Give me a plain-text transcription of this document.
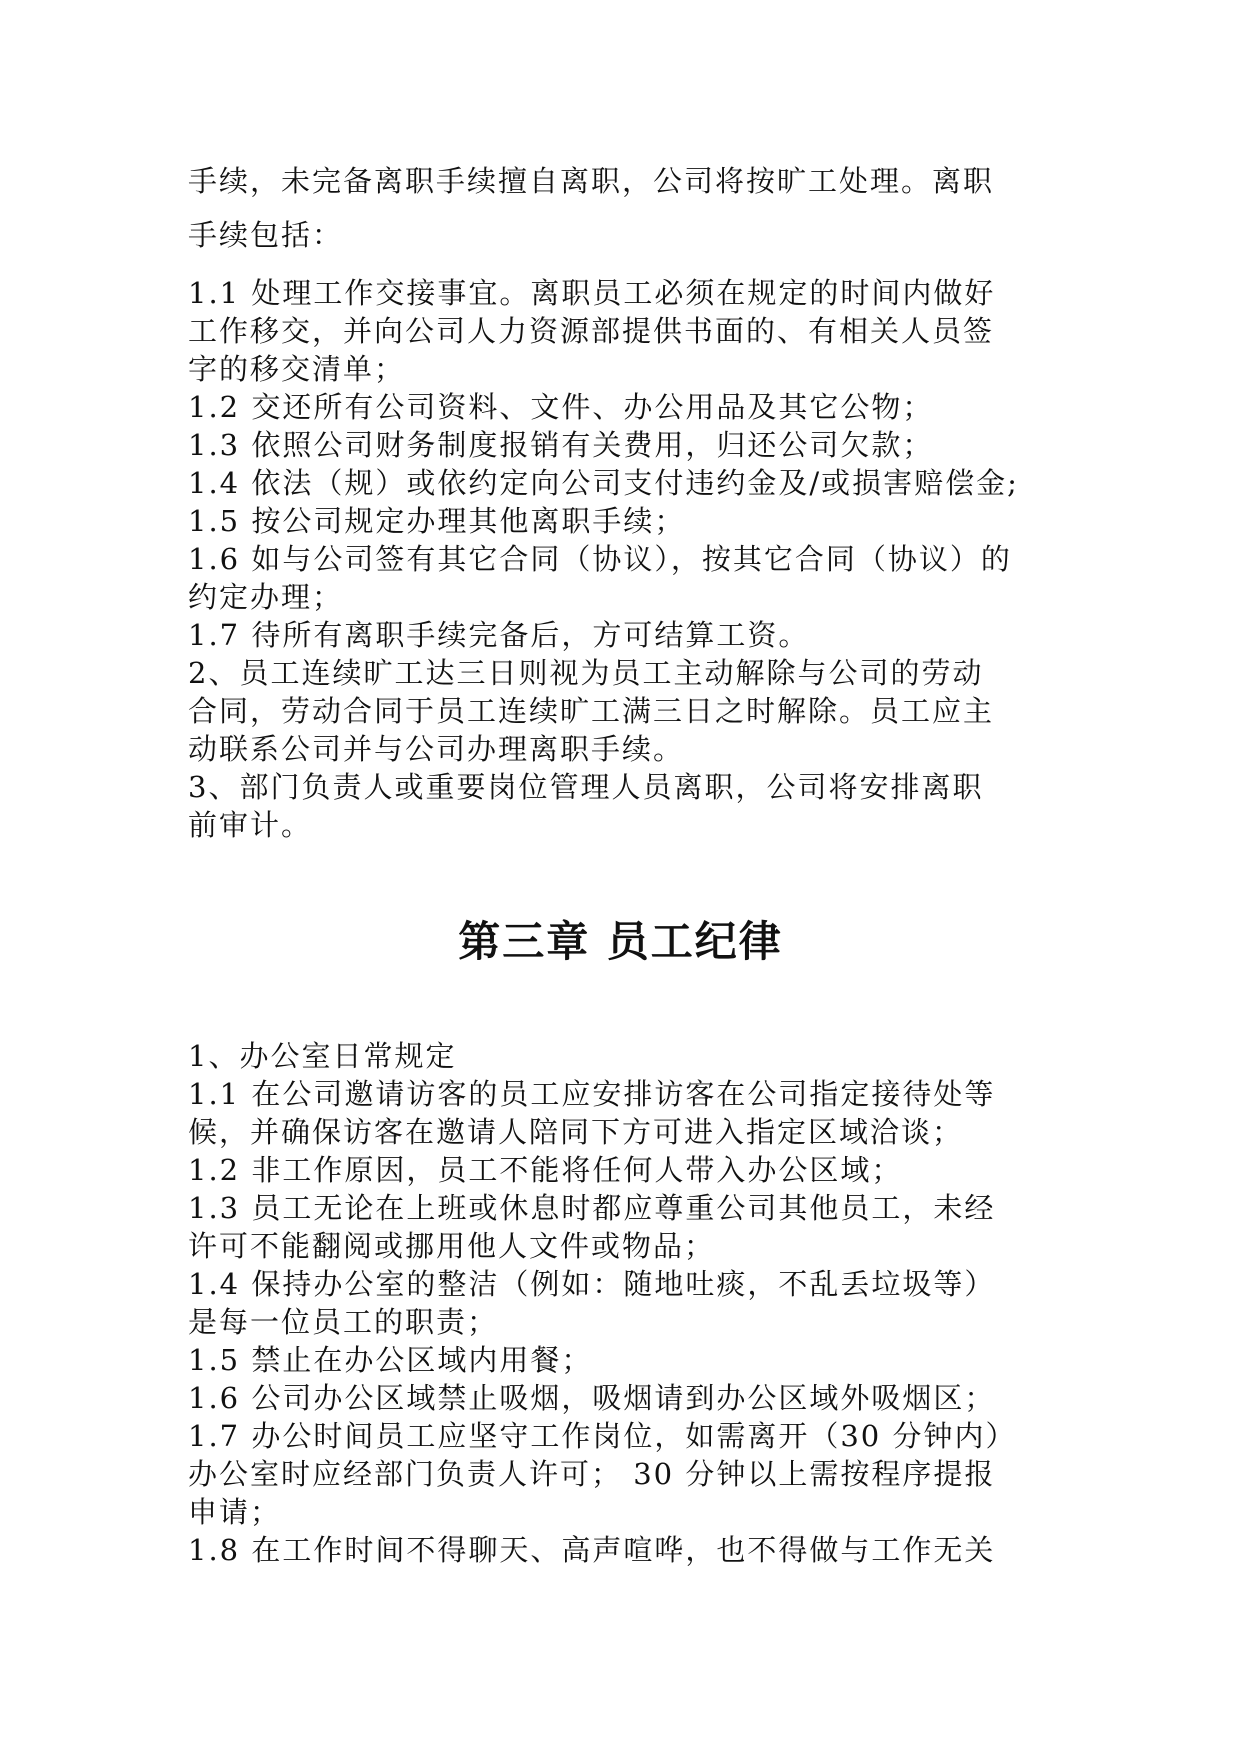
手续，未完备离职手续擅自离职，公司将按旷工处理。离职
手续包括：
1.1 处理工作交接事宜。离职员工必须在规定的时间内做好
工作移交，并向公司人力资源部提供书面的、有相关人员签
字的移交清单；
1.2 交还所有公司资料、文件、办公用品及其它公物；
1.3 依照公司财务制度报销有关费用，归还公司欠款；
1.4 依法（规）或依约定向公司支付违约金及/或损害赔偿金;
1.5 按公司规定办理其他离职手续；
1.6 如与公司签有其它合同（协议），按其它合同（协议）的
约定办理；
1.7 待所有离职手续完备后，方可结算工资。
2、员工连续旷工达三日则视为员工主动解除与公司的劳动
合同，劳动合同于员工连续旷工满三日之时解除。员工应主
动联系公司并与公司办理离职手续。
3、部门负责人或重要岗位管理人员离职，公司将安排离职
前审计。
第三章 员工纪律
1、办公室日常规定
1.1 在公司邀请访客的员工应安排访客在公司指定接待处等
候，并确保访客在邀请人陪同下方可进入指定区域洽谈；
1.2 非工作原因，员工不能将任何人带入办公区域；
1.3 员工无论在上班或休息时都应尊重公司其他员工，未经
许可不能翻阅或挪用他人文件或物品；
1.4 保持办公室的整洁（例如：随地吐痰，不乱丢垃圾等）
是每一位员工的职责；
1.5 禁止在办公区域内用餐；
1.6 公司办公区域禁止吸烟，吸烟请到办公区域外吸烟区；
1.7 办公时间员工应坚守工作岗位，如需离开（30 分钟内）
办公室时应经部门负责人许可； 30 分钟以上需按程序提报
申请；
1.8 在工作时间不得聊天、高声喧哗，也不得做与工作无关
